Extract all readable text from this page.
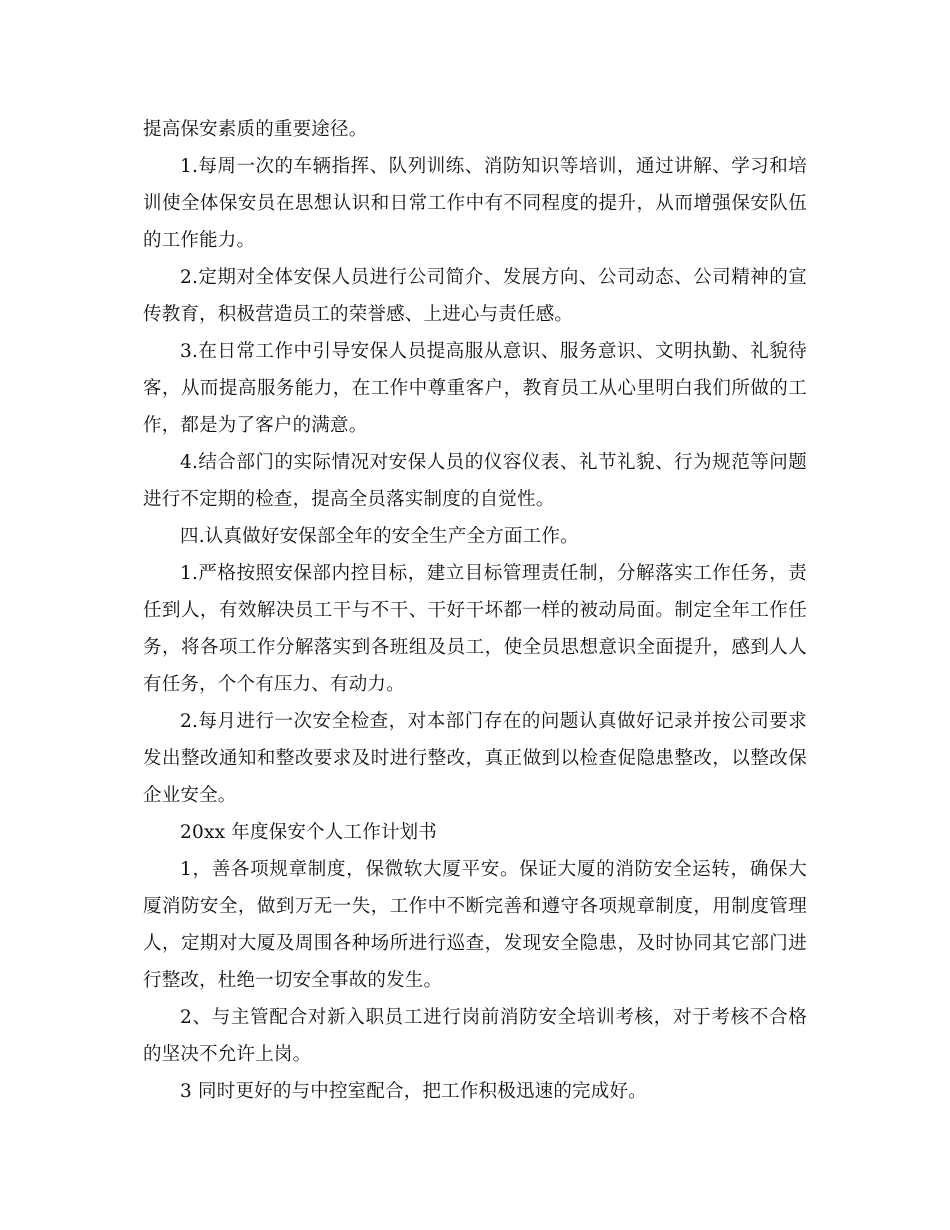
提高保安素质的重要途径。

1.每周一次的车辆指挥、队列训练、消防知识等培训，通过讲解、学习和培训使全体保安员在思想认识和日常工作中有不同程度的提升，从而增强保安队伍的工作能力。

2.定期对全体安保人员进行公司简介、发展方向、公司动态、公司精神的宣传教育，积极营造员工的荣誉感、上进心与责任感。

3.在日常工作中引导安保人员提高服从意识、服务意识、文明执勤、礼貌待客，从而提高服务能力，在工作中尊重客户，教育员工从心里明白我们所做的工作，都是为了客户的满意。

4.结合部门的实际情况对安保人员的仪容仪表、礼节礼貌、行为规范等问题进行不定期的检查，提高全员落实制度的自觉性。

四.认真做好安保部全年的安全生产全方面工作。

1.严格按照安保部内控目标，建立目标管理责任制，分解落实工作任务，责任到人，有效解决员工干与不干、干好干坏都一样的被动局面。制定全年工作任务，将各项工作分解落实到各班组及员工，使全员思想意识全面提升，感到人人有任务，个个有压力、有动力。

2.每月进行一次安全检查，对本部门存在的问题认真做好记录并按公司要求发出整改通知和整改要求及时进行整改，真正做到以检查促隐患整改，以整改保企业安全。

20xx 年度保安个人工作计划书

1，善各项规章制度，保微软大厦平安。保证大厦的消防安全运转，确保大厦消防安全，做到万无一失，工作中不断完善和遵守各项规章制度，用制度管理人，定期对大厦及周围各种场所进行巡查，发现安全隐患，及时协同其它部门进行整改，杜绝一切安全事故的发生。

2、与主管配合对新入职员工进行岗前消防安全培训考核，对于考核不合格的坚决不允许上岗。

3 同时更好的与中控室配合，把工作积极迅速的完成好。
